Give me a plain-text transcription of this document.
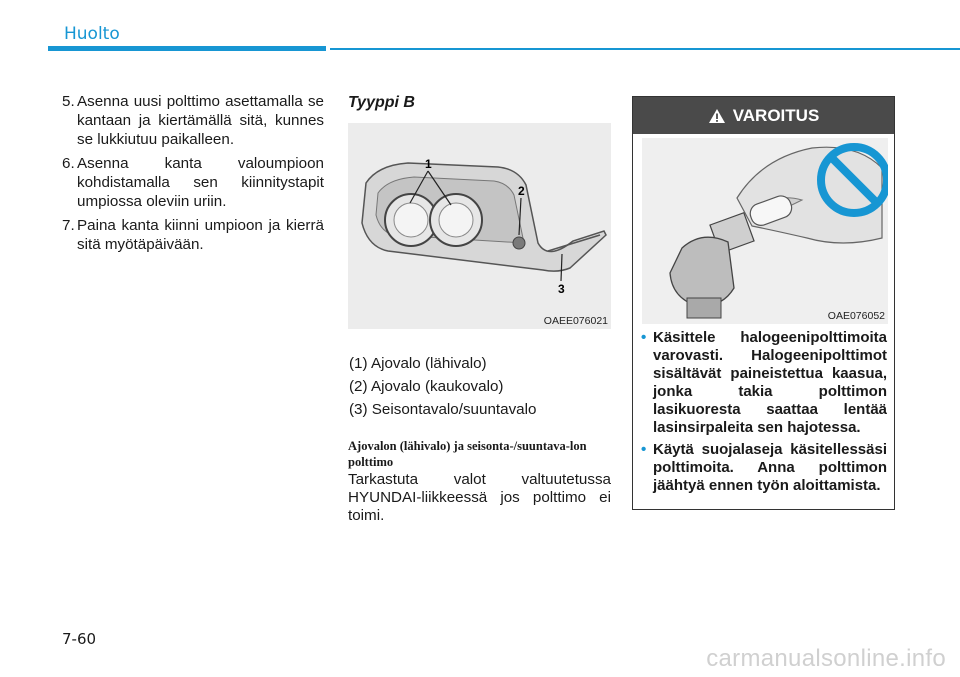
Huolto
5. Asenna uusi polttimo asettamalla se kantaan ja kiertämällä sitä, kunnes se lukkiutuu paikalleen.
6. Asenna kanta valoumpioon kohdistamalla sen kiinnitystapit umpiossa oleviin uriin.
7. Paina kanta kiinni umpioon ja kierrä sitä myötäpäivään.
Tyyppi B
1
2
3
OAEE076021
(1) Ajovalo (lähivalo)
(2) Ajovalo (kaukovalo)
(3) Seisontavalo/suuntavalo
Ajovalon (lähivalo) ja seisonta-/suuntava-lon polttimo
Tarkastuta valot valtuutetussa HYUNDAI-liikkeessä jos polttimo ei toimi.
VAROITUS
OAE076052
• Käsittele halogeenipolttimoita varovasti. Halogeenipolttimot sisältävät paineistettua kaasua, jonka takia polttimon lasikuoresta saattaa lentää lasinsirpaleita sen hajotessa.
• Käytä suojalaseja käsitellessäsi polttimoita. Anna polttimon jäähtyä ennen työn aloittamista.
7-60
carmanualsonline.info
